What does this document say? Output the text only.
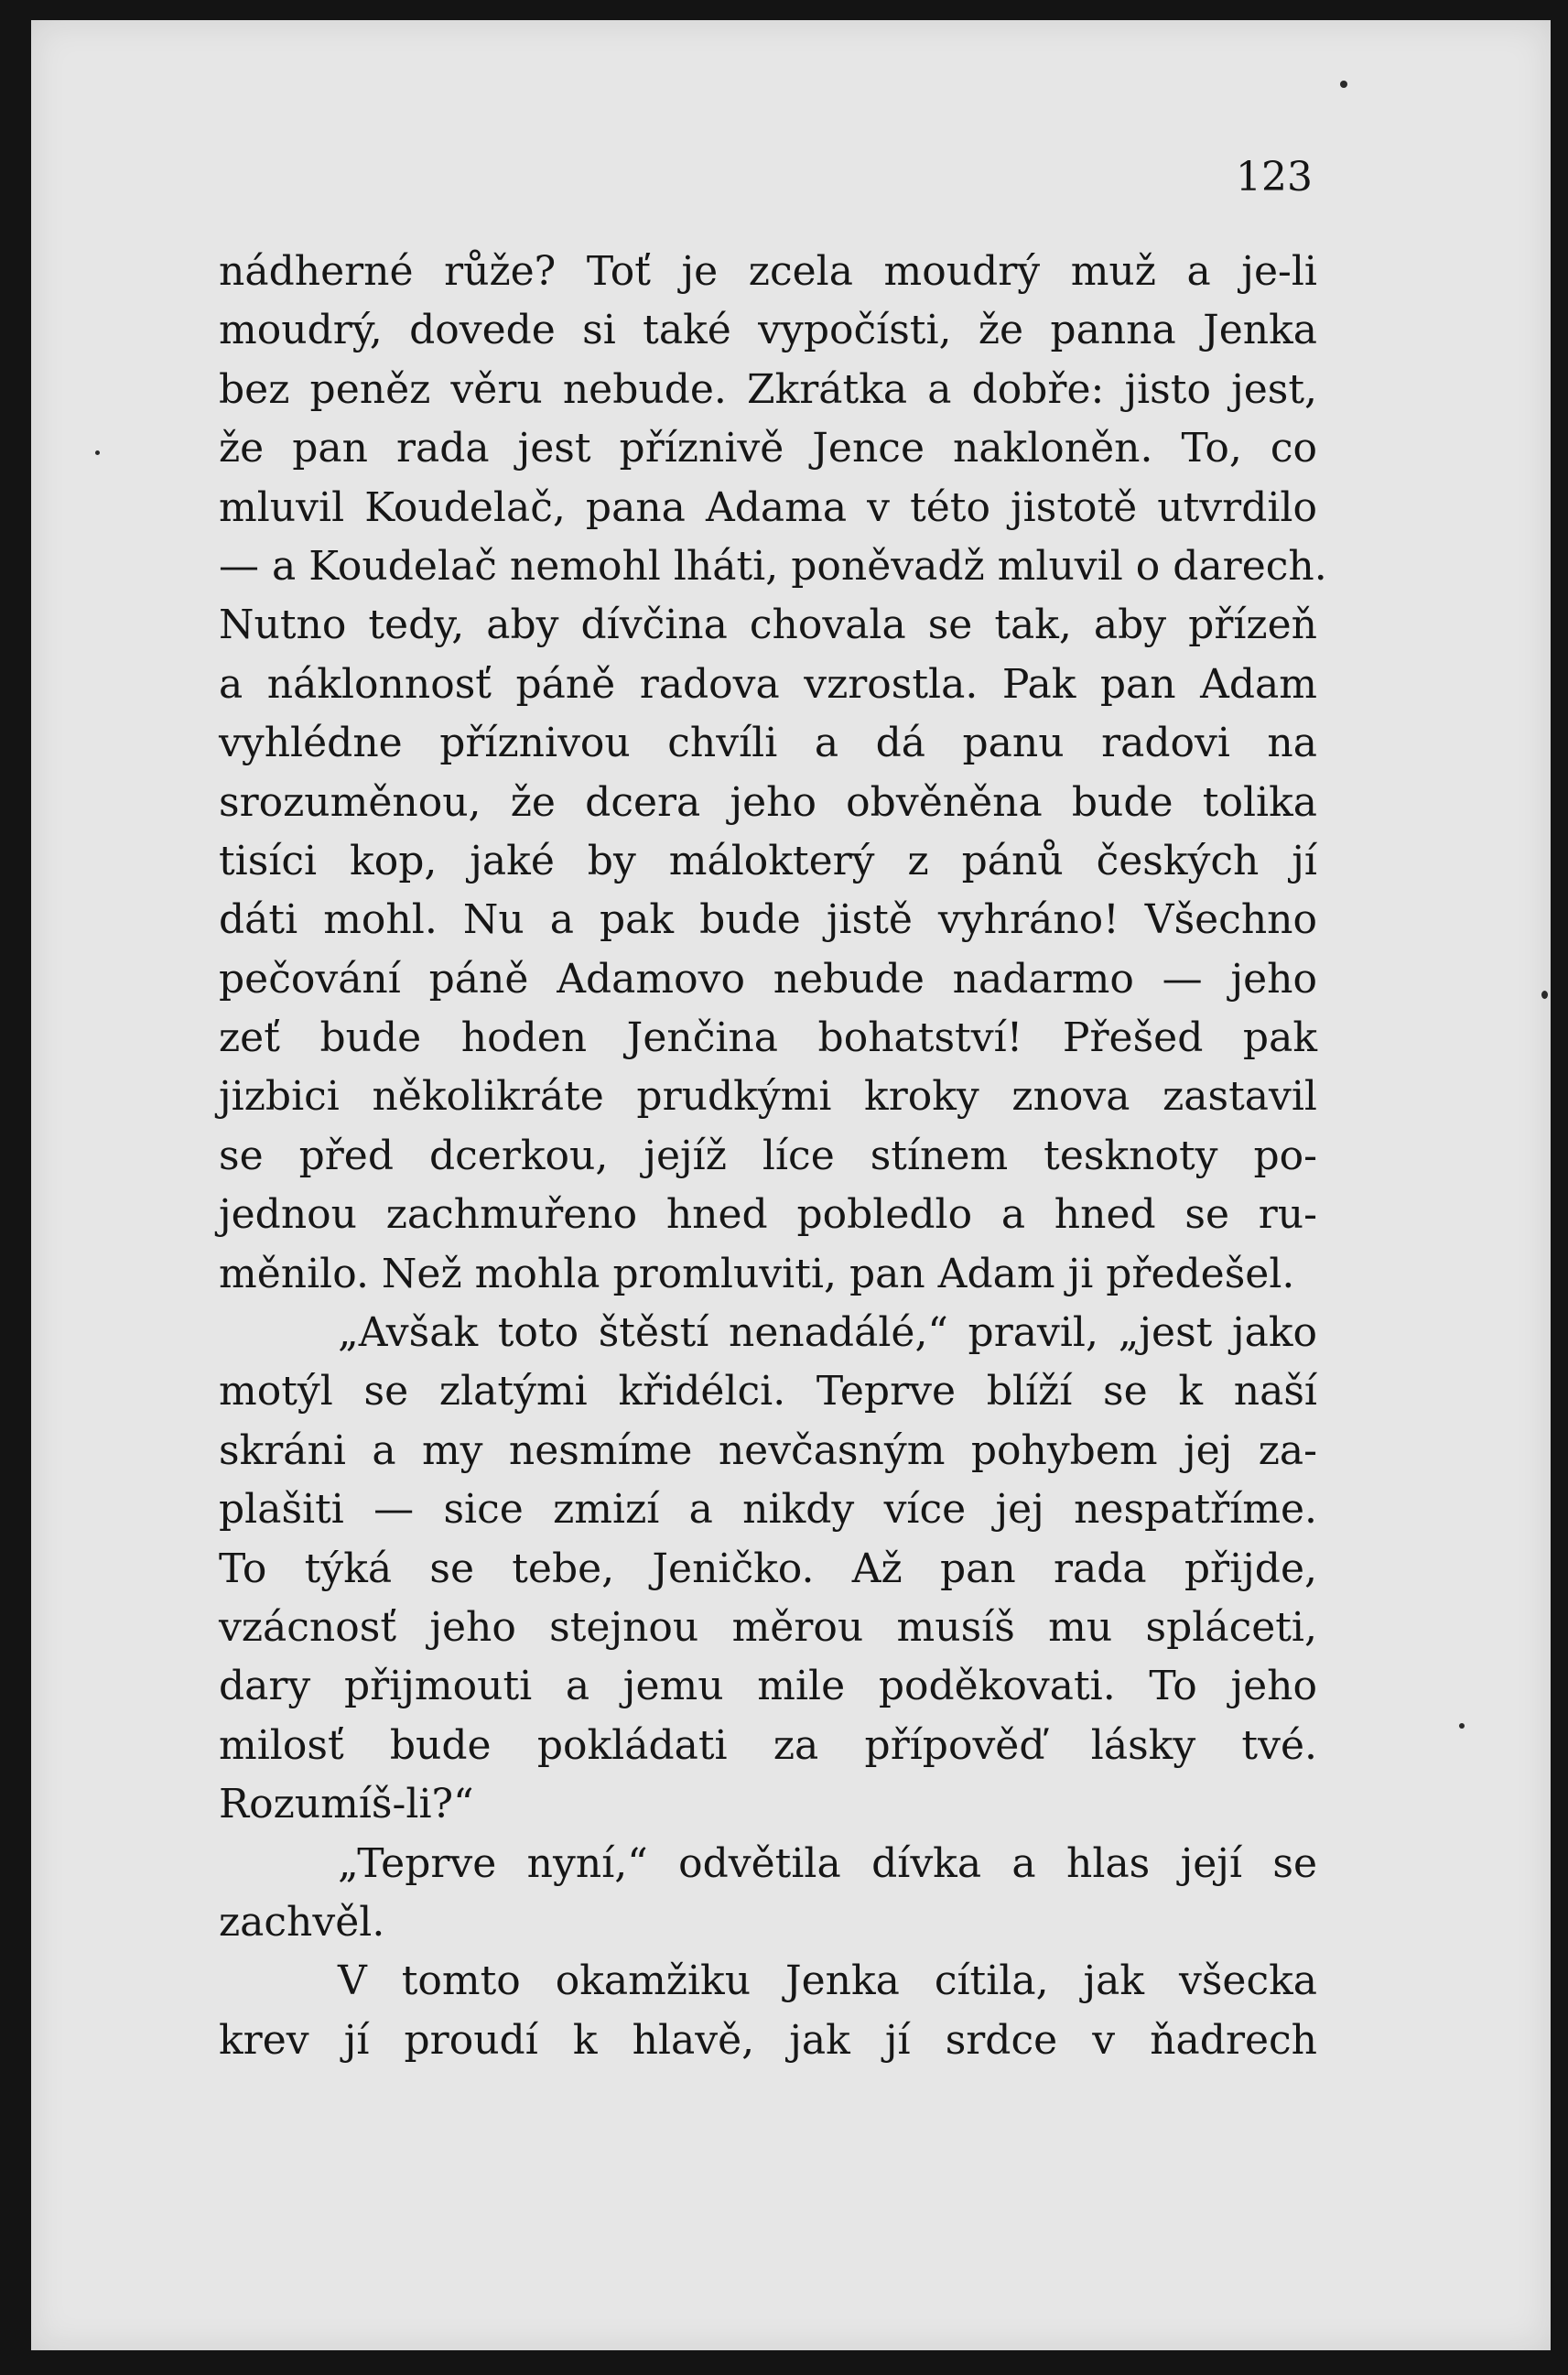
123

nádherné růže? Toť je zcela moudrý muž a je-li
moudrý, dovede si také vypočísti, že panna Jenka
bez peněz věru nebude. Zkrátka a dobře: jisto jest,
že pan rada jest příznivě Jence nakloněn. To, co
mluvil Koudelač, pana Adama v této jistotě utvrdilo
— a Koudelač nemohl lháti, poněvadž mluvil o darech.
Nutno tedy, aby dívčina chovala se tak, aby přízeň
a náklonnosť páně radova vzrostla. Pak pan Adam
vyhlédne příznivou chvíli a dá panu radovi na
srozuměnou, že dcera jeho obvěněna bude tolika
tisíci kop, jaké by málokterý z pánů českých jí
dáti mohl. Nu a pak bude jistě vyhráno! Všechno
pečování páně Adamovo nebude nadarmo — jeho
zeť bude hoden Jenčina bohatství! Přešed pak
jizbici několikráte prudkými kroky znova zastavil
se před dcerkou, jejíž líce stínem tesknoty po-
jednou zachmuřeno hned pobledlo a hned se ru-
měnilo. Než mohla promluviti, pan Adam ji předešel.
„Avšak toto štěstí nenadálé,“ pravil, „jest jako
motýl se zlatými křidélci. Teprve blíží se k naší
skráni a my nesmíme nevčasným pohybem jej za-
plašiti — sice zmizí a nikdy více jej nespatříme.
To týká se tebe, Jeničko. Až pan rada přijde,
vzácnosť jeho stejnou měrou musíš mu spláceti,
dary přijmouti a jemu mile poděkovati. To jeho
milosť bude pokládati za přípověď lásky tvé.
Rozumíš-li?“
„Teprve nyní,“ odvětila dívka a hlas její se
zachvěl.
V tomto okamžiku Jenka cítila, jak všecka
krev jí proudí k hlavě, jak jí srdce v ňadrech
